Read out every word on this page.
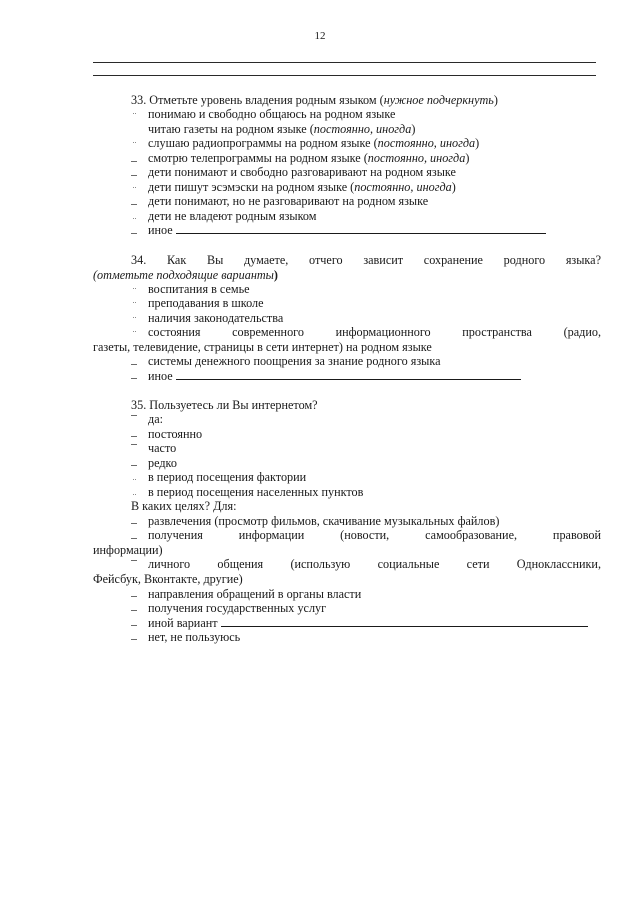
12
33. Отметьте уровень владения родным языком (нужное подчеркнуть)
понимаю и свободно общаюсь на родном языке
читаю газеты на родном языке (постоянно, иногда)
слушаю радиопрограммы на родном языке (постоянно, иногда)
смотрю телепрограммы на родном языке (постоянно, иногда)
дети понимают и свободно разговаривают на родном языке
дети пишут эсэмэски на родном языке (постоянно, иногда)
дети понимают, но не разговаривают на родном языке
дети не владеют родным языком
иное
34. Как Вы думаете, отчего зависит сохранение родного языка?
(отметьте подходящие варианты)
воспитания в семье
преподавания в школе
наличия законодательства
состояния современного информационного пространства (радио,
газеты, телевидение, страницы в сети интернет) на родном языке
системы денежного поощрения за знание родного языка
иное
35. Пользуетесь ли Вы интернетом?
да:
постоянно
часто
редко
в период посещения фактории
в период посещения населенных пунктов
В каких целях? Для:
развлечения (просмотр фильмов, скачивание музыкальных файлов)
получения информации (новости, самообразование, правовой
информации)
личного общения (использую социальные сети Одноклассники,
Фейсбук, Вконтакте, другие)
направления обращений в органы власти
получения государственных услуг
иной вариант
нет, не пользуюсь
